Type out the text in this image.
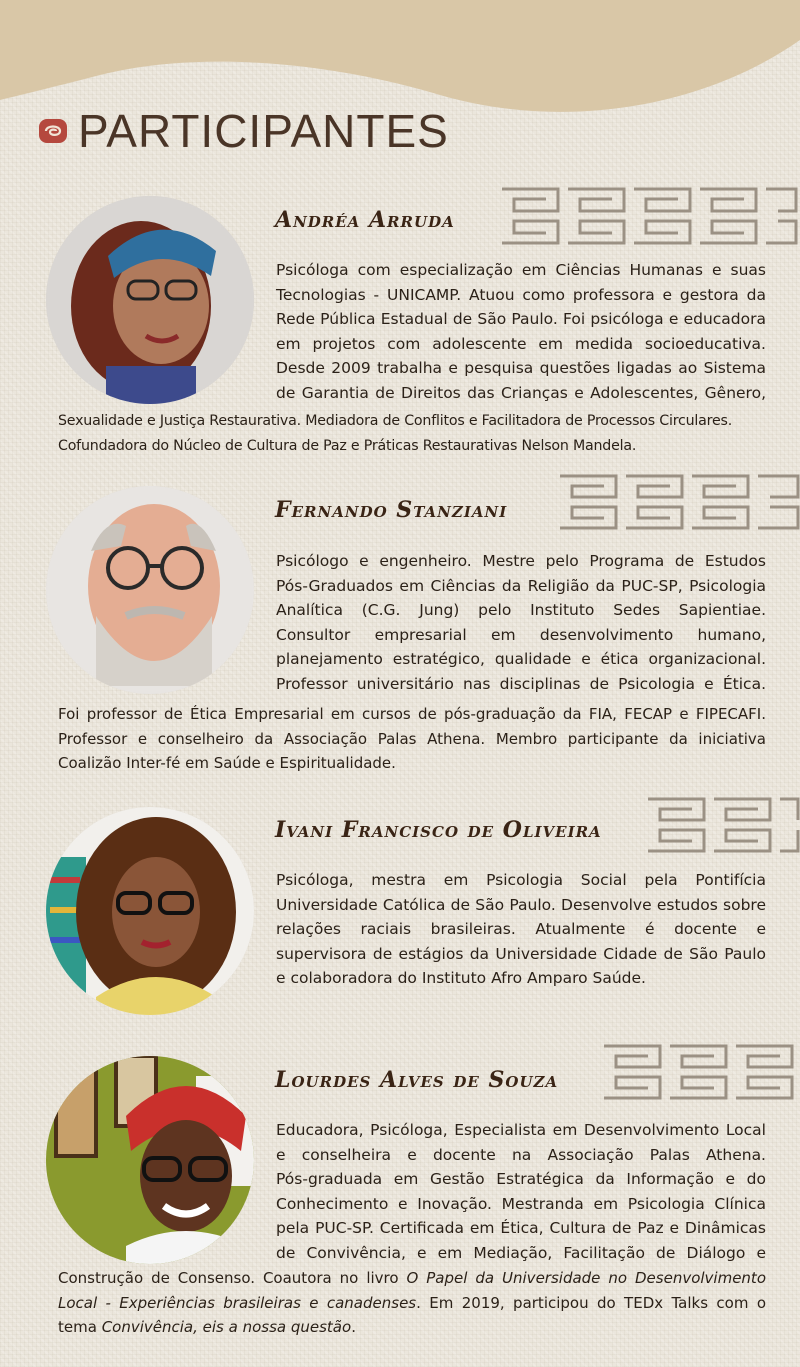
PARTICIPANTES
Andréa Arruda
Psicóloga com especialização em Ciências Humanas e suas
Tecnologias - UNICAMP. Atuou como professora e gestora da
Rede Pública Estadual de São Paulo. Foi psicóloga e educadora
em projetos com adolescente em medida socioeducativa.
Desde 2009 trabalha e pesquisa questões ligadas ao Sistema
de Garantia de Direitos das Crianças e Adolescentes, Gênero,
Sexualidade e Justiça Restaurativa. Mediadora de Conflitos e Facilitadora de Processos Circulares.
Cofundadora do Núcleo de Cultura de Paz e Práticas Restaurativas Nelson Mandela.
Fernando Stanziani
Psicólogo e engenheiro. Mestre pelo Programa de Estudos
Pós-Graduados em Ciências da Religião da PUC-SP, Psicologia
Analítica (C.G. Jung) pelo Instituto Sedes Sapientiae.
Consultor empresarial em desenvolvimento humano,
planejamento estratégico, qualidade e ética organizacional.
Professor universitário nas disciplinas de Psicologia e Ética.
Foi professor de Ética Empresarial em cursos de pós-graduação da FIA, FECAP e FIPECAFI.
Professor e conselheiro da Associação Palas Athena. Membro participante da iniciativa
Coalizão Inter-fé em Saúde e Espiritualidade.
Ivani Francisco de Oliveira
Psicóloga, mestra em Psicologia Social pela Pontifícia
Universidade Católica de São Paulo. Desenvolve estudos sobre
relações raciais brasileiras. Atualmente é docente e
supervisora de estágios da Universidade Cidade de São Paulo
e colaboradora do Instituto Afro Amparo Saúde.
Lourdes Alves de Souza
Educadora, Psicóloga, Especialista em Desenvolvimento Local
e conselheira e docente na Associação Palas Athena.
Pós-graduada em Gestão Estratégica da Informação e do
Conhecimento e Inovação. Mestranda em Psicologia Clínica
pela PUC-SP. Certificada em Ética, Cultura de Paz e Dinâmicas
de Convivência, e em Mediação, Facilitação de Diálogo e
Construção de Consenso. Coautora no livro O Papel da Universidade no Desenvolvimento
Local - Experiências brasileiras e canadenses. Em 2019, participou do TEDx Talks com o
tema Convivência, eis a nossa questão.
